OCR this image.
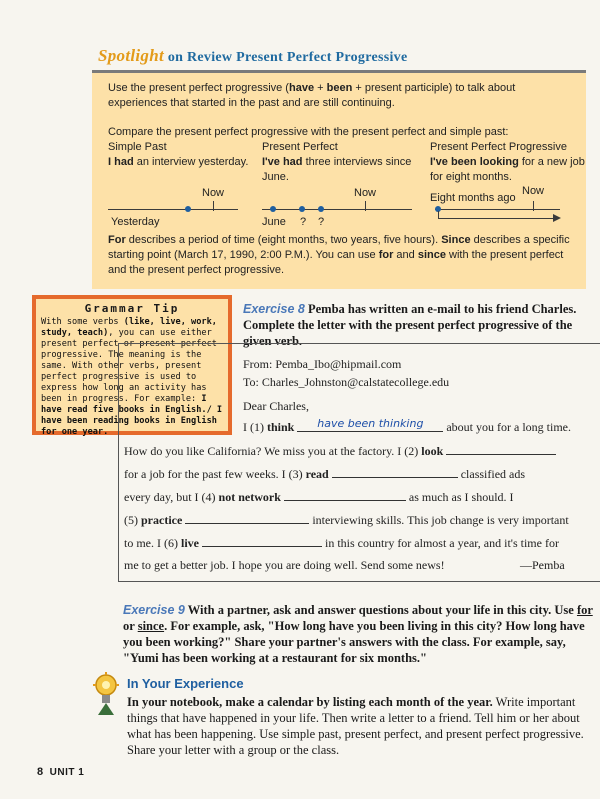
Spotlight on Review Present Perfect Progressive
Use the present perfect progressive (have + been + present participle) to talk about
experiences that started in the past and are still continuing.
Compare the present perfect progressive with the present perfect and simple past:
Simple Past
I had an interview yesterday.
Present Perfect
I've had three interviews since
June.
Present Perfect Progressive
I've been looking for a new job
for eight months.
Now
Yesterday
Now
June ? ?
Now
Eight months ago
For describes a period of time (eight months, two years, five hours). Since describes a specific
starting point (March 17, 1990, 2:00 P.M.). You can use for and since with the present perfect
and the present perfect progressive.
Grammar Tip
With some verbs (like, live, work, study, teach), you can use either present perfect or present perfect progressive. The meaning is the same. With other verbs, present perfect progressive is used to express how long an activity has been in progress. For example: I have read five books in English./ I have been reading books in English for one year.
Exercise 8 Pemba has written an e-mail to his friend Charles. Complete the letter with the present perfect progressive of the given verb.
From: Pemba_Ibo@hipmail.com
To: Charles_Johnston@calstatecollege.edu
Dear Charles,
I (1) think have been thinking about you for a long time.
How do you like California? We miss you at the factory. I (2) look
for a job for the past few weeks. I (3) read	classified ads
every day, but I (4) not network	as much as I should. I
(5) practice	interviewing skills. This job change is very important
to me. I (6) live	in this country for almost a year, and it's time for
me to get a better job. I hope you are doing well. Send some news!	—Pemba
Exercise 9 With a partner, ask and answer questions about your life in this city. Use for or since. For example, ask, "How long have you been living in this city? How long have you been working?" Share your partner's answers with the class. For example, say, "Yumi has been working at a restaurant for six months."
In Your Experience
In your notebook, make a calendar by listing each month of the year. Write important things that have happened in your life. Then write a letter to a friend. Tell him or her about what has been happening. Use simple past, present perfect, and present perfect progressive. Share your letter with a group or the class.
8 UNIT 1
